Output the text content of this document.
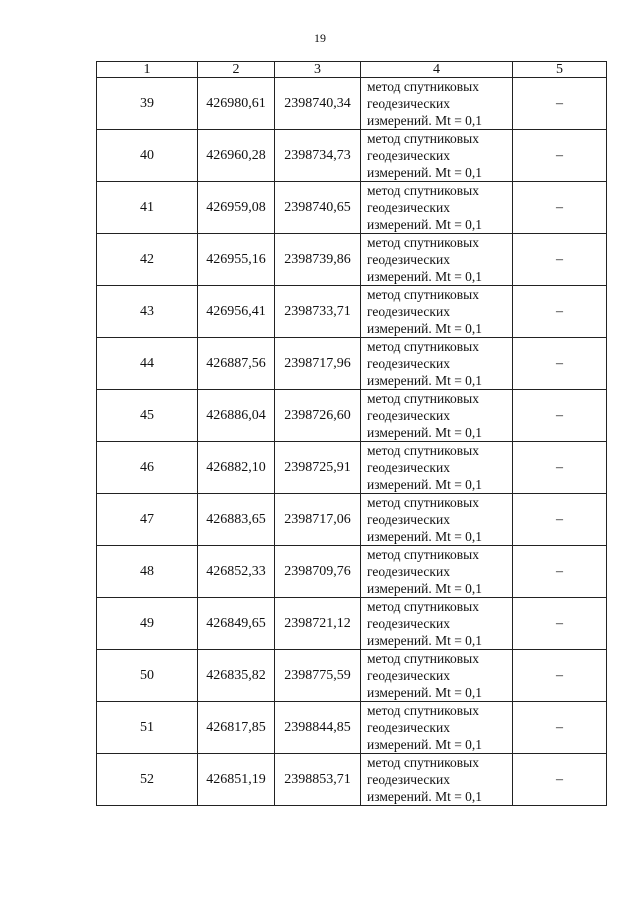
19
1	2	3	4	5
39	426980,61	2398740,34	метод спутниковых
геодезических
измерений. Mt = 0,1	–
40	426960,28	2398734,73	метод спутниковых
геодезических
измерений. Mt = 0,1	–
41	426959,08	2398740,65	метод спутниковых
геодезических
измерений. Mt = 0,1	–
42	426955,16	2398739,86	метод спутниковых
геодезических
измерений. Mt = 0,1	–
43	426956,41	2398733,71	метод спутниковых
геодезических
измерений. Mt = 0,1	–
44	426887,56	2398717,96	метод спутниковых
геодезических
измерений. Mt = 0,1	–
45	426886,04	2398726,60	метод спутниковых
геодезических
измерений. Mt = 0,1	–
46	426882,10	2398725,91	метод спутниковых
геодезических
измерений. Mt = 0,1	–
47	426883,65	2398717,06	метод спутниковых
геодезических
измерений. Mt = 0,1	–
48	426852,33	2398709,76	метод спутниковых
геодезических
измерений. Mt = 0,1	–
49	426849,65	2398721,12	метод спутниковых
геодезических
измерений. Mt = 0,1	–
50	426835,82	2398775,59	метод спутниковых
геодезических
измерений. Mt = 0,1	–
51	426817,85	2398844,85	метод спутниковых
геодезических
измерений. Mt = 0,1	–
52	426851,19	2398853,71	метод спутниковых
геодезических
измерений. Mt = 0,1	–
